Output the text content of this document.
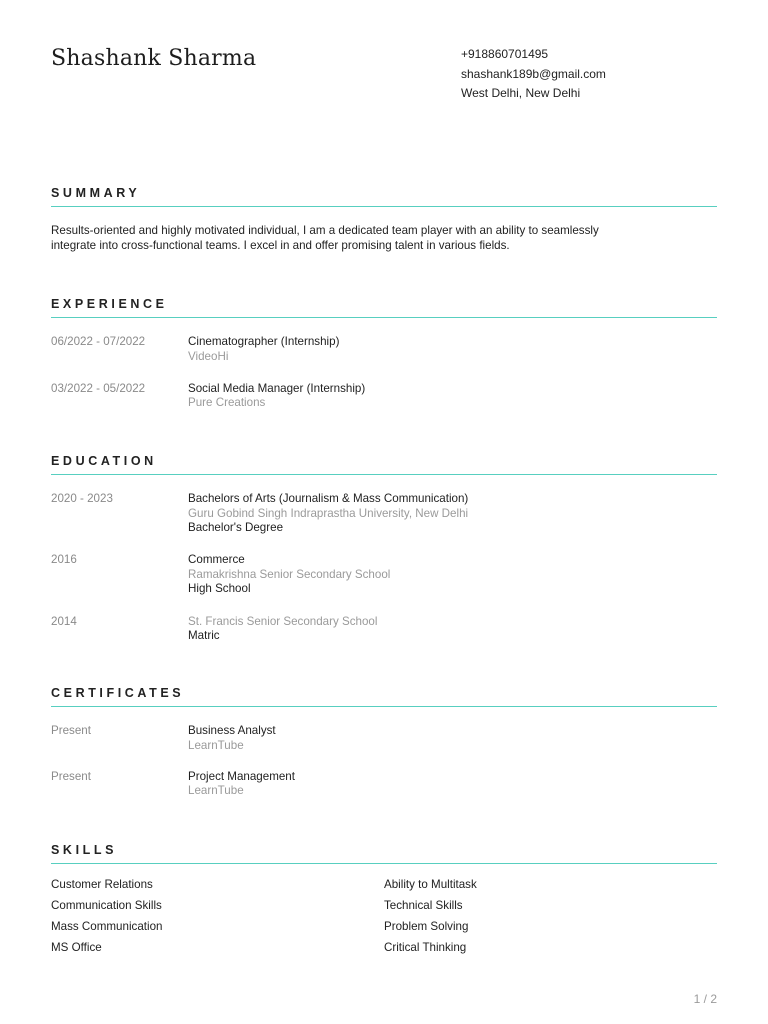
Shashank Sharma	+918860701495
shashank189b@gmail.com
West Delhi, New Delhi
SUMMARY
Results-oriented and highly motivated individual, I am a dedicated team player with an ability to seamlessly integrate into cross-functional teams. I excel in and offer promising talent in various fields.
EXPERIENCE
06/2022 - 07/2022	Cinematographer (Internship)
VideoHi
03/2022 - 05/2022	Social Media Manager (Internship)
Pure Creations
EDUCATION
2020 - 2023	Bachelors of Arts (Journalism & Mass Communication)
Guru Gobind Singh Indraprastha University, New Delhi
Bachelor's Degree
2016	Commerce
Ramakrishna Senior Secondary School
High School
2014	St. Francis Senior Secondary School
Matric
CERTIFICATES
Present	Business Analyst
LearnTube
Present	Project Management
LearnTube
SKILLS
Customer Relations	Ability to Multitask
Communication Skills	Technical Skills
Mass Communication	Problem Solving
MS Office	Critical Thinking
1 / 2
